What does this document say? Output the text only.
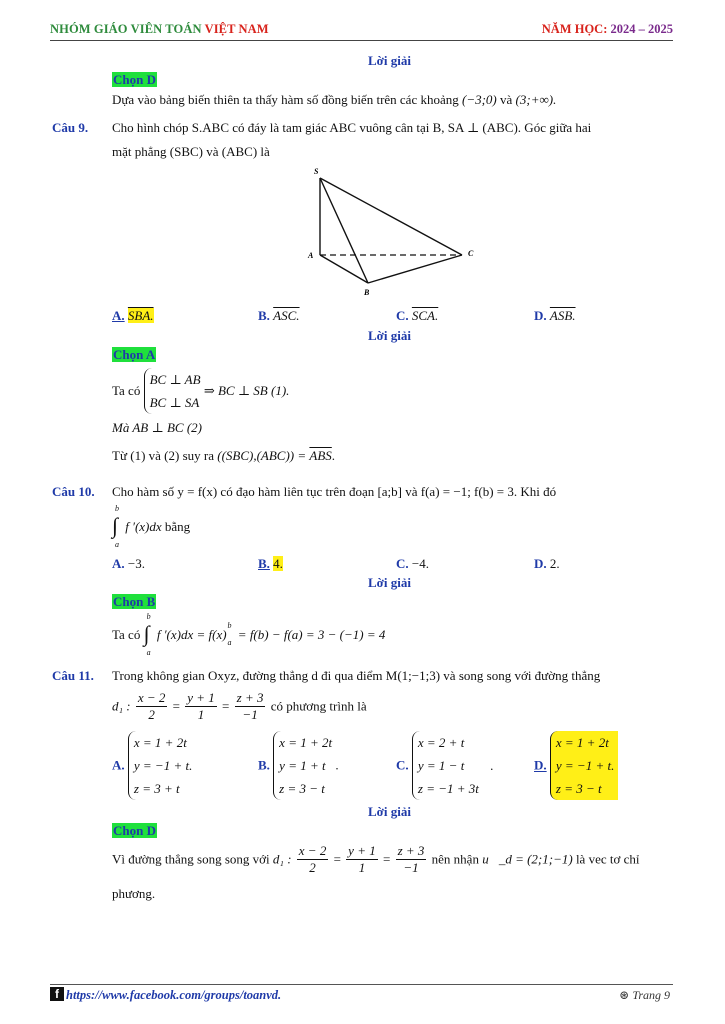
NHÓM GIÁO VIÊN TOÁN VIỆT NAM	NĂM HỌC: 2024 – 2025
Lời giải
Chọn D
Dựa vào bảng biến thiên ta thấy hàm số đồng biến trên các khoảng (−3;0) và (3;+∞).
Câu 9. Cho hình chóp S.ABC có đáy là tam giác ABC vuông cân tại B, SA ⊥ (ABC). Góc giữa hai
mặt phẳng (SBC) và (ABC) là
S
A
B
C
A. SBA.	B. ASC.	C. SCA.	D. ASB.
Lời giải
Chọn A
Ta có
BC ⊥ AB
BC ⊥ SA
⇒ BC ⊥ SB (1).
Mà AB ⊥ BC (2)
Từ (1) và (2) suy ra $((SBC),(ABC)) = \overline{ABS}$.
Câu 10. Cho hàm số y = f(x) có đạo hàm liên tục trên đoạn [a;b] và f(a) = −1; f(b) = 3. Khi đó
b
∫
a
f ′(x)dx bằng
A. −3.	B. 4.	C. −4.	D. 2.
Lời giải
Chọn B
Ta có
b
∫
a
f ′(x)dx = f(x)
b
a
= f(b) − f(a) = 3 − (−1) = 4
Câu 11. Trong không gian Oxyz, đường thẳng d đi qua điểm M(1;−1;3) và song song với đường thẳng
d₁ : $\frac{x - 2}{2} = \frac{y + 1}{1} = \frac{z + 3}{-1}$ có phương trình là
A.
x = 1 + 2t
y = −1 + t.
z = 3 + t
B.
x = 1 + 2t
y = 1 + t
z = 3 − t
.	C.
x = 2 + t
y = 1 − t
z = −1 + 3t
.	D.
x = 1 + 2t
y = −1 + t.
z = 3 − t
Lời giải
Chọn D
Vì đường thẳng song song với d₁ : $\frac{x - 2}{2} = \frac{y + 1}{1} = \frac{z + 3}{-1}$ nên nhận u⃗_d = (2;1;−1) là vec tơ chỉ
phương.
f https://www.facebook.com/groups/toanvd.	⊛ Trang 9
